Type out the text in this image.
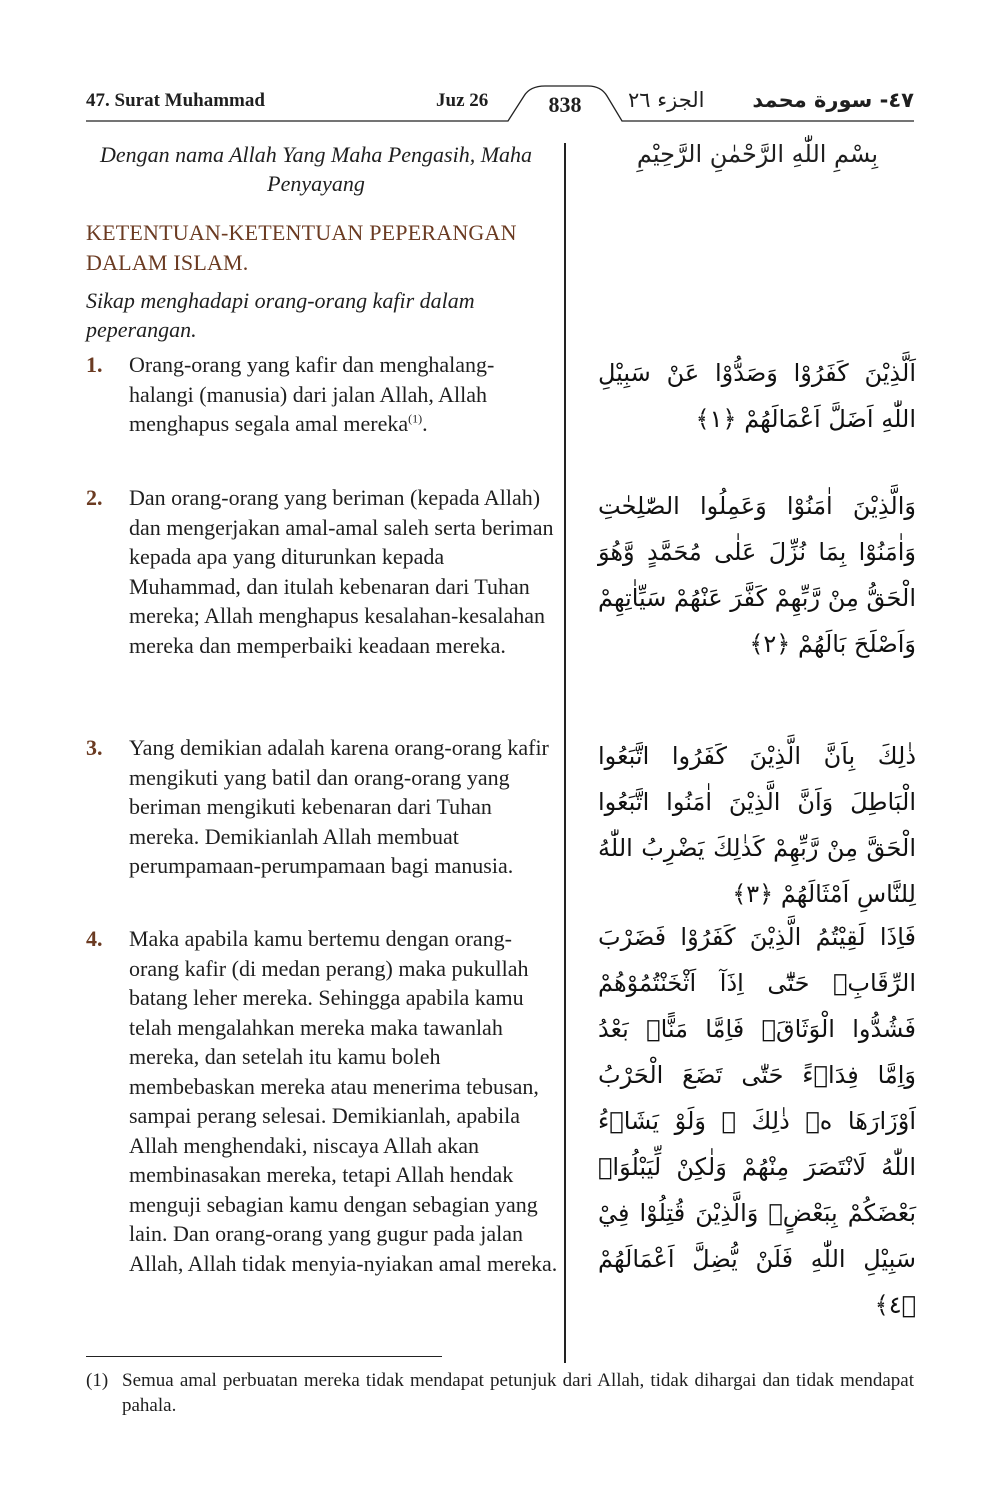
47. Surat Muhammad	Juz 26	838	الجزء ٢٦ ٤٧- سورة محمد
Dengan nama Allah Yang Maha Pengasih, Maha Penyayang
بِسْمِ اللّٰهِ الرَّحْمٰنِ الرَّحِيْمِ
KETENTUAN-KETENTUAN PEPERANGAN DALAM ISLAM.
Sikap menghadapi orang-orang kafir dalam peperangan.
1. Orang-orang yang kafir dan menghalang-halangi (manusia) dari jalan Allah, Allah menghapus segala amal mereka$^{(1)}$.
اَلَّذِيْنَ كَفَرُوْا وَصَدُّوْا عَنْ سَبِيْلِ اللّٰهِ اَضَلَّ اَعْمَالَهُمْ ﴿١﴾
2. Dan orang-orang yang beriman (kepada Allah) dan mengerjakan amal-amal saleh serta beriman kepada apa yang diturunkan kepada Muhammad, dan itulah kebenaran dari Tuhan mereka; Allah menghapus kesalahan-kesalahan mereka dan memperbaiki keadaan mereka.
وَالَّذِيْنَ اٰمَنُوْا وَعَمِلُوا الصّٰلِحٰتِ وَاٰمَنُوْا بِمَا نُزِّلَ عَلٰى مُحَمَّدٍ وَّهُوَ الْحَقُّ مِنْ رَّبِّهِمْ كَفَّرَ عَنْهُمْ سَيِّاٰتِهِمْ وَاَصْلَحَ بَالَهُمْ ﴿٢﴾
3. Yang demikian adalah karena orang-orang kafir mengikuti yang batil dan orang-orang yang beriman mengikuti kebenaran dari Tuhan mereka. Demikianlah Allah membuat perumpamaan-perumpamaan bagi manusia.
ذٰلِكَ بِاَنَّ الَّذِيْنَ كَفَرُوا اتَّبَعُوا الْبَاطِلَ وَاَنَّ الَّذِيْنَ اٰمَنُوا اتَّبَعُوا الْحَقَّ مِنْ رَّبِّهِمْ كَذٰلِكَ يَضْرِبُ اللّٰهُ لِلنَّاسِ اَمْثَالَهُمْ ﴿٣﴾
4. Maka apabila kamu bertemu dengan orang-orang kafir (di medan perang) maka pukullah batang leher mereka. Sehingga apabila kamu telah mengalahkan mereka maka tawanlah mereka, dan setelah itu kamu boleh membebaskan mereka atau menerima tebusan, sampai perang selesai. Demikianlah, apabila Allah menghendaki, niscaya Allah akan membinasakan mereka, tetapi Allah hendak menguji sebagian kamu dengan sebagian yang lain. Dan orang-orang yang gugur pada jalan Allah, Allah tidak menyia-nyiakan amal mereka.
فَاِذَا لَقِيْتُمُ الَّذِيْنَ كَفَرُوْا فَضَرْبَ الرِّقَابِۗ حَتّٰٓى اِذَآ اَثْخَنْتُمُوْهُمْ فَشُدُّوا الْوَثَاقَۖ فَاِمَّا مَنًّاۢ بَعْدُ وَاِمَّا فِدَاۤءً حَتّٰى تَضَعَ الْحَرْبُ اَوْزَارَهَا ەۛ ذٰلِكَ ۛ وَلَوْ يَشَاۤءُ اللّٰهُ لَانْتَصَرَ مِنْهُمْ وَلٰكِنْ لِّيَبْلُوَا۟ بَعْضَكُمْ بِبَعْضٍۗ وَالَّذِيْنَ قُتِلُوْا فِيْ سَبِيْلِ اللّٰهِ فَلَنْ يُّضِلَّ اَعْمَالَهُمْ ﴿٤﴾
(1) Semua amal perbuatan mereka tidak mendapat petunjuk dari Allah, tidak dihargai dan tidak mendapat pahala.
